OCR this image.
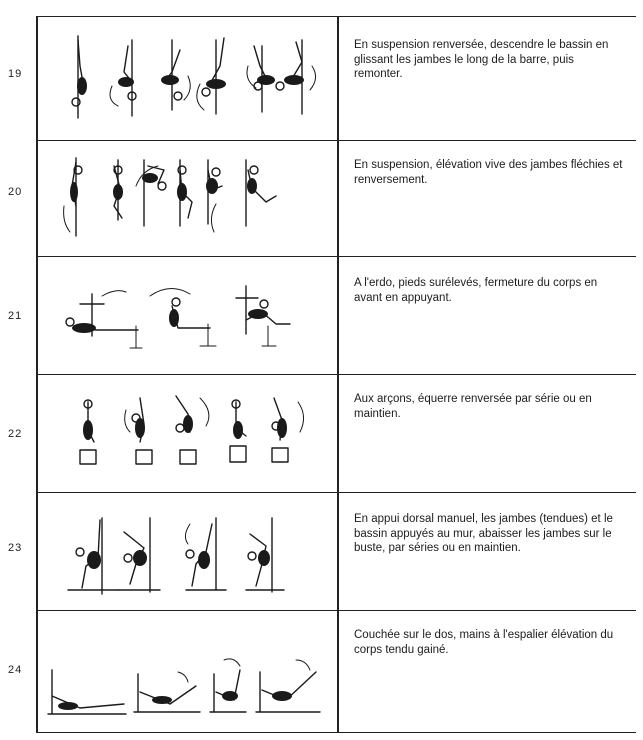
19
En suspension renversée, descendre le bassin en glissant les jambes le long de la barre, puis remonter.
20
En suspension, élévation vive des jambes fléchies et renversement.
21
A l'erdo, pieds surélevés, fermeture du corps en avant en appuyant.
22
Aux arçons, équerre renversée par série ou en maintien.
23
En appui dorsal manuel, les jambes (tendues) et le bassin appuyés au mur, abaisser les jambes sur le buste, par séries ou en maintien.
24
Couchée sur le dos, mains à l'espalier élévation du corps tendu gainé.
